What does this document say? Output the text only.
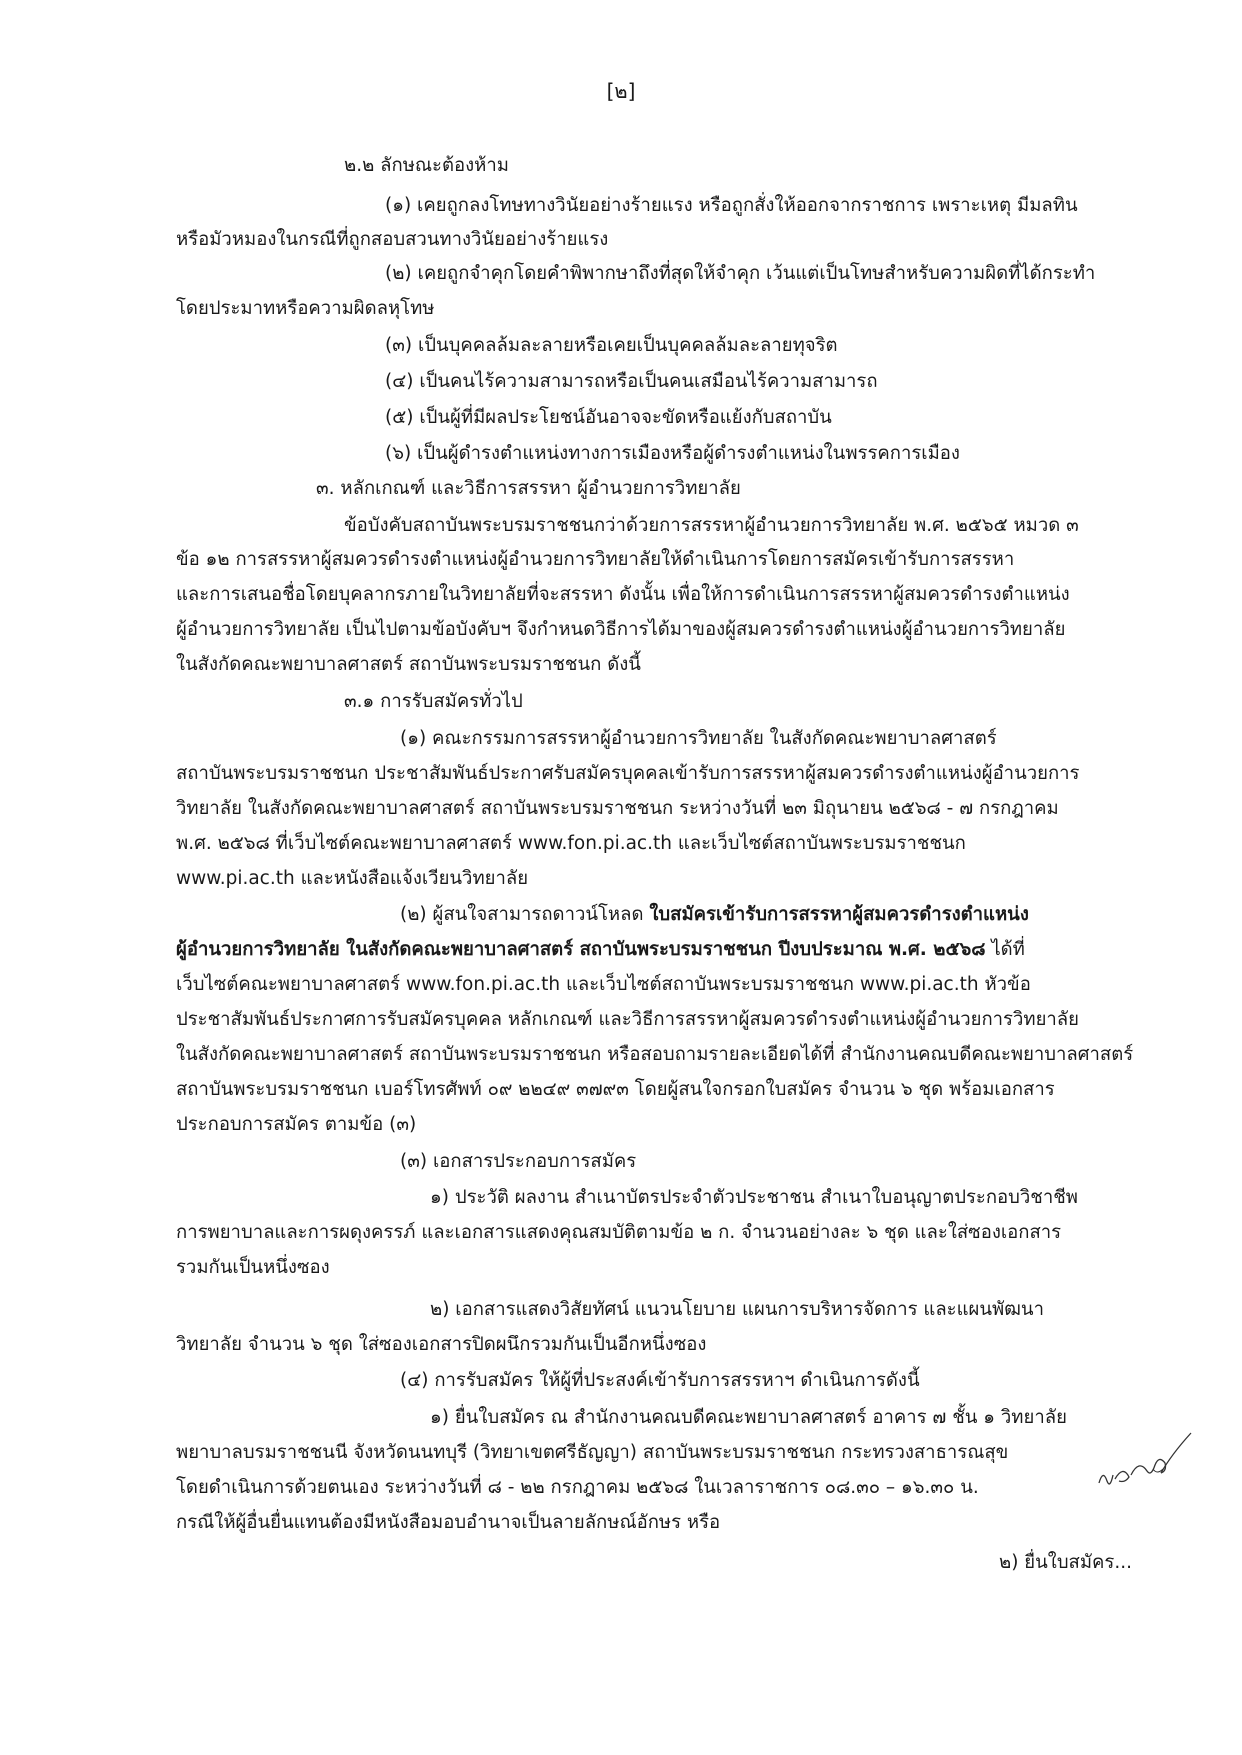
[๒]
๒.๒ ลักษณะต้องห้าม
(๑) เคยถูกลงโทษทางวินัยอย่างร้ายแรง หรือถูกสั่งให้ออกจากราชการ เพราะเหตุ มีมลทิน
หรือมัวหมองในกรณีที่ถูกสอบสวนทางวินัยอย่างร้ายแรง
(๒) เคยถูกจำคุกโดยคำพิพากษาถึงที่สุดให้จำคุก เว้นแต่เป็นโทษสำหรับความผิดที่ได้กระทำ
โดยประมาทหรือความผิดลหุโทษ
(๓) เป็นบุคคลล้มละลายหรือเคยเป็นบุคคลล้มละลายทุจริต
(๔) เป็นคนไร้ความสามารถหรือเป็นคนเสมือนไร้ความสามารถ
(๕) เป็นผู้ที่มีผลประโยชน์อันอาจจะขัดหรือแย้งกับสถาบัน
(๖) เป็นผู้ดำรงตำแหน่งทางการเมืองหรือผู้ดำรงตำแหน่งในพรรคการเมือง
๓. หลักเกณฑ์ และวิธีการสรรหา ผู้อำนวยการวิทยาลัย
ข้อบังคับสถาบันพระบรมราชชนกว่าด้วยการสรรหาผู้อำนวยการวิทยาลัย พ.ศ. ๒๕๖๕ หมวด ๓
ข้อ ๑๒ การสรรหาผู้สมควรดำรงตำแหน่งผู้อำนวยการวิทยาลัยให้ดำเนินการโดยการสมัครเข้ารับการสรรหา
และการเสนอชื่อโดยบุคลากรภายในวิทยาลัยที่จะสรรหา ดังนั้น เพื่อให้การดำเนินการสรรหาผู้สมควรดำรงตำแหน่ง
ผู้อำนวยการวิทยาลัย เป็นไปตามข้อบังคับฯ จึงกำหนดวิธีการได้มาของผู้สมควรดำรงตำแหน่งผู้อำนวยการวิทยาลัย
ในสังกัดคณะพยาบาลศาสตร์ สถาบันพระบรมราชชนก ดังนี้
๓.๑ การรับสมัครทั่วไป
(๑) คณะกรรมการสรรหาผู้อำนวยการวิทยาลัย ในสังกัดคณะพยาบาลศาสตร์
สถาบันพระบรมราชชนก ประชาสัมพันธ์ประกาศรับสมัครบุคคลเข้ารับการสรรหาผู้สมควรดำรงตำแหน่งผู้อำนวยการ
วิทยาลัย ในสังกัดคณะพยาบาลศาสตร์ สถาบันพระบรมราชชนก ระหว่างวันที่ ๒๓ มิถุนายน ๒๕๖๘ - ๗ กรกฎาคม
พ.ศ. ๒๕๖๘ ที่เว็บไซต์คณะพยาบาลศาสตร์ www.fon.pi.ac.th และเว็บไซต์สถาบันพระบรมราชชนก
www.pi.ac.th และหนังสือแจ้งเวียนวิทยาลัย
(๒) ผู้สนใจสามารถดาวน์โหลด ใบสมัครเข้ารับการสรรหาผู้สมควรดำรงตำแหน่ง
ผู้อำนวยการวิทยาลัย ในสังกัดคณะพยาบาลศาสตร์ สถาบันพระบรมราชชนก ปีงบประมาณ พ.ศ. ๒๕๖๘ ได้ที่
เว็บไซต์คณะพยาบาลศาสตร์ www.fon.pi.ac.th และเว็บไซต์สถาบันพระบรมราชชนก www.pi.ac.th หัวข้อ
ประชาสัมพันธ์ประกาศการรับสมัครบุคคล หลักเกณฑ์ และวิธีการสรรหาผู้สมควรดำรงตำแหน่งผู้อำนวยการวิทยาลัย
ในสังกัดคณะพยาบาลศาสตร์ สถาบันพระบรมราชชนก หรือสอบถามรายละเอียดได้ที่ สำนักงานคณบดีคณะพยาบาลศาสตร์
สถาบันพระบรมราชชนก เบอร์โทรศัพท์ ๐๙ ๒๒๔๙ ๓๗๙๓ โดยผู้สนใจกรอกใบสมัคร จำนวน ๖ ชุด พร้อมเอกสาร
ประกอบการสมัคร ตามข้อ (๓)
(๓) เอกสารประกอบการสมัคร
๑) ประวัติ ผลงาน สำเนาบัตรประจำตัวประชาชน สำเนาใบอนุญาตประกอบวิชาชีพ
การพยาบาลและการผดุงครรภ์ และเอกสารแสดงคุณสมบัติตามข้อ ๒ ก. จำนวนอย่างละ ๖ ชุด และใส่ซองเอกสาร
รวมกันเป็นหนึ่งซอง
๒) เอกสารแสดงวิสัยทัศน์ แนวนโยบาย แผนการบริหารจัดการ และแผนพัฒนา
วิทยาลัย จำนวน ๖ ชุด ใส่ซองเอกสารปิดผนึกรวมกันเป็นอีกหนึ่งซอง
(๔) การรับสมัคร ให้ผู้ที่ประสงค์เข้ารับการสรรหาฯ ดำเนินการดังนี้
๑) ยื่นใบสมัคร ณ สำนักงานคณบดีคณะพยาบาลศาสตร์ อาคาร ๗ ชั้น ๑ วิทยาลัย
พยาบาลบรมราชชนนี จังหวัดนนทบุรี (วิทยาเขตศรีธัญญา) สถาบันพระบรมราชชนก กระทรวงสาธารณสุข
โดยดำเนินการด้วยตนเอง ระหว่างวันที่ ๘ - ๒๒ กรกฎาคม ๒๕๖๘ ในเวลาราชการ ๐๘.๓๐ – ๑๖.๓๐ น.
กรณีให้ผู้อื่นยื่นแทนต้องมีหนังสือมอบอำนาจเป็นลายลักษณ์อักษร หรือ
๒) ยื่นใบสมัคร...
